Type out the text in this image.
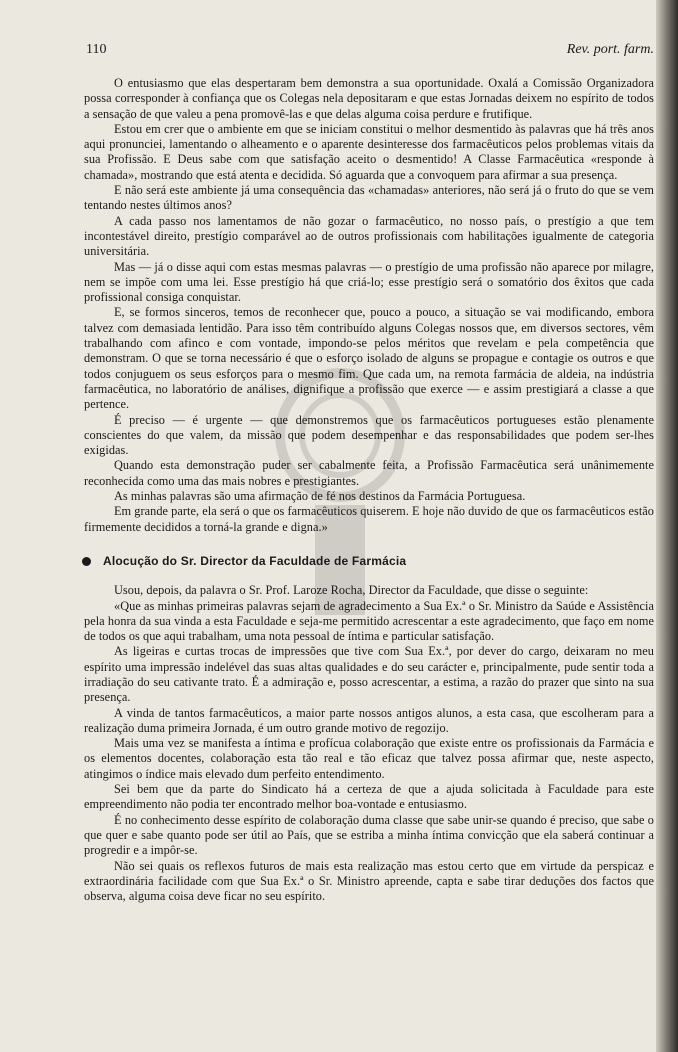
110	Rev. port. farm.

O entusiasmo que elas despertaram bem demonstra a sua oportunidade. Oxalá a Comissão Organizadora possa corresponder à confiança que os Colegas nela depositaram e que estas Jornadas deixem no espírito de todos a sensação de que valeu a pena promovê-las e que delas alguma coisa perdure e frutifique.

Estou em crer que o ambiente em que se iniciam constitui o melhor desmentido às palavras que há três anos aqui pronunciei, lamentando o alheamento e o aparente desinteresse dos farmacêuticos pelos problemas vitais da sua Profissão. E Deus sabe com que satisfação aceito o desmentido! A Classe Farmacêutica «responde à chamada», mostrando que está atenta e decidida. Só aguarda que a convoquem para afirmar a sua presença.

E não será este ambiente já uma consequência das «chamadas» anteriores, não será já o fruto do que se vem tentando nestes últimos anos?

A cada passo nos lamentamos de não gozar o farmacêutico, no nosso país, o prestígio a que tem incontestável direito, prestígio comparável ao de outros profissionais com habilitações igualmente de categoria universitária.

Mas — já o disse aqui com estas mesmas palavras — o prestígio de uma profissão não aparece por milagre, nem se impõe com uma lei. Esse prestígio há que criá-lo; esse prestígio será o somatório dos êxitos que cada profissional consiga conquistar.

E, se formos sinceros, temos de reconhecer que, pouco a pouco, a situação se vai modificando, embora talvez com demasiada lentidão. Para isso têm contribuído alguns Colegas nossos que, em diversos sectores, vêm trabalhando com afinco e com vontade, impondo-se pelos méritos que revelam e pela competência que demonstram. O que se torna necessário é que o esforço isolado de alguns se propague e contagie os outros e que todos conjuguem os seus esforços para o mesmo fim. Que cada um, na remota farmácia de aldeia, na indústria farmacêutica, no laboratório de análises, dignifique a profissão que exerce — e assim prestigiará a classe a que pertence.

É preciso — é urgente — que demonstremos que os farmacêuticos portugueses estão plenamente conscientes do que valem, da missão que podem desempenhar e das responsabilidades que podem ser-lhes exigidas.

Quando esta demonstração puder ser cabalmente feita, a Profissão Farmacêutica será unânimemente reconhecida como uma das mais nobres e prestigiantes.

As minhas palavras são uma afirmação de fé nos destinos da Farmácia Portuguesa.

Em grande parte, ela será o que os farmacêuticos quiserem. E hoje não duvido de que os farmacêuticos estão firmemente decididos a torná-la grande e digna.»

Alocução do Sr. Director da Faculdade de Farmácia

Usou, depois, da palavra o Sr. Prof. Laroze Rocha, Director da Faculdade, que disse o seguinte:

«Que as minhas primeiras palavras sejam de agradecimento a Sua Ex.ª o Sr. Ministro da Saúde e Assistência pela honra da sua vinda a esta Faculdade e seja-me permitido acrescentar a este agradecimento, que faço em nome de todos os que aqui trabalham, uma nota pessoal de íntima e particular satisfação.

As ligeiras e curtas trocas de impressões que tive com Sua Ex.ª, por dever do cargo, deixaram no meu espírito uma impressão indelével das suas altas qualidades e do seu carácter e, principalmente, pude sentir toda a irradiação do seu cativante trato. É a admiração e, posso acrescentar, a estima, a razão do prazer que sinto na sua presença.

A vinda de tantos farmacêuticos, a maior parte nossos antigos alunos, a esta casa, que escolheram para a realização duma primeira Jornada, é um outro grande motivo de regozijo.

Mais uma vez se manifesta a íntima e profícua colaboração que existe entre os profissionais da Farmácia e os elementos docentes, colaboração esta tão real e tão eficaz que talvez possa afirmar que, neste aspecto, atingimos o índice mais elevado dum perfeito entendimento.

Sei bem que da parte do Sindicato há a certeza de que a ajuda solicitada à Faculdade para este empreendimento não podia ter encontrado melhor boa-vontade e entusiasmo.

É no conhecimento desse espírito de colaboração duma classe que sabe unir-se quando é preciso, que sabe o que quer e sabe quanto pode ser útil ao País, que se estriba a minha íntima convicção que ela saberá continuar a progredir e a impôr-se.

Não sei quais os reflexos futuros de mais esta realização mas estou certo que em virtude da perspicaz e extraordinária facilidade com que Sua Ex.ª o Sr. Ministro apreende, capta e sabe tirar deduções dos factos que observa, alguma coisa deve ficar no seu espírito.
